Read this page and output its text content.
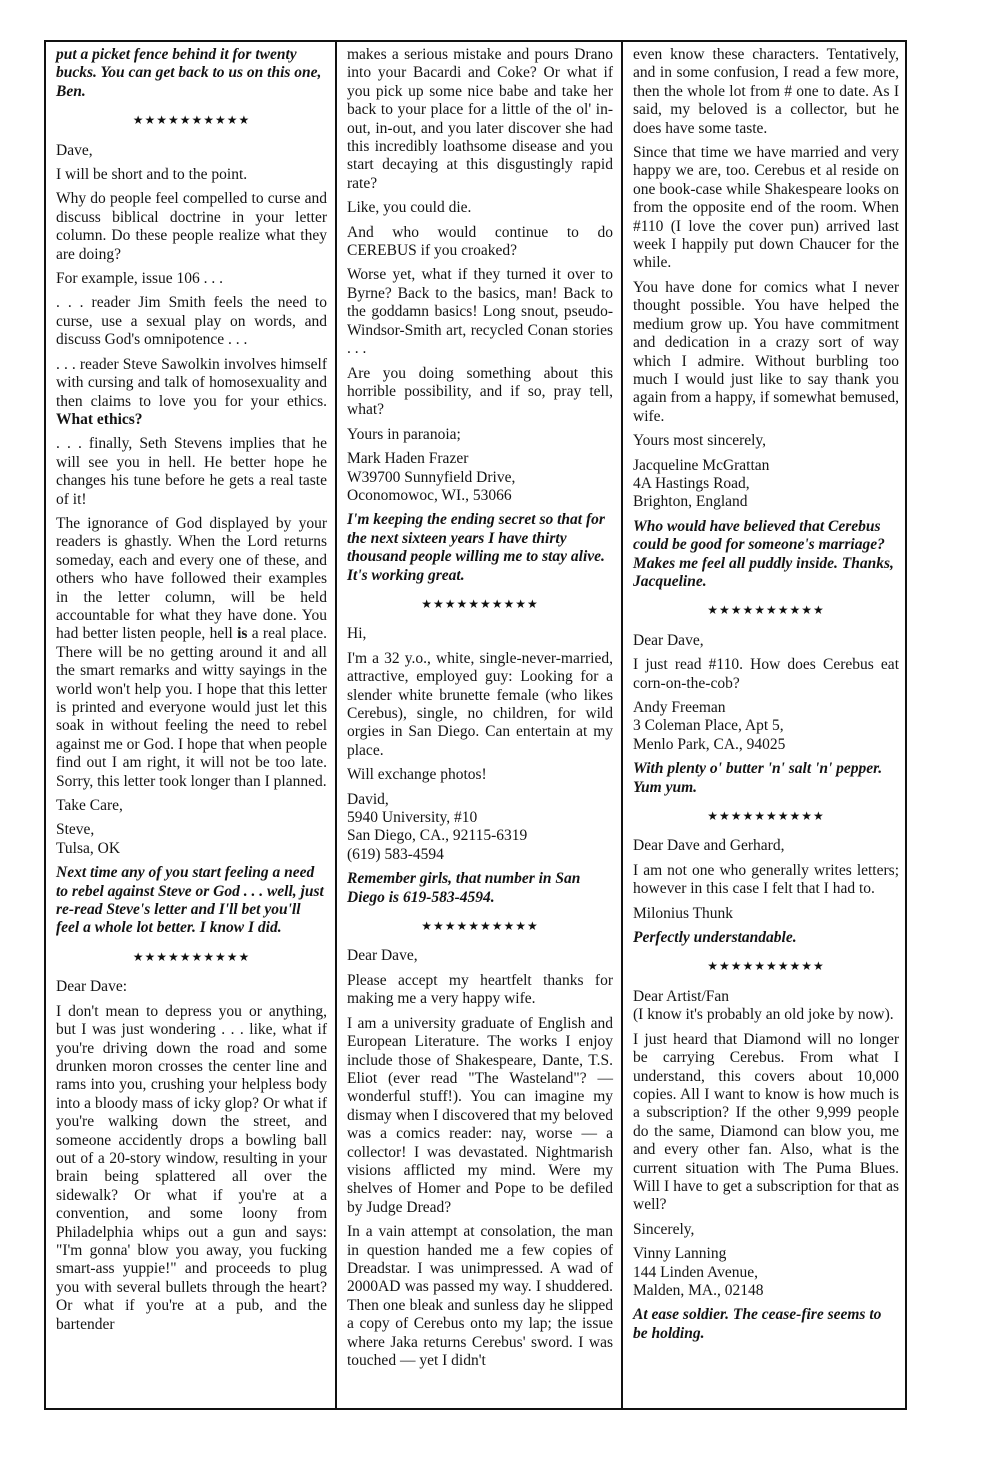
put a picket fence behind it for twenty bucks. You can get back to us on this one, Ben.

★★★★★★★★★★

Dave,

I will be short and to the point.

Why do people feel compelled to curse and discuss biblical doctrine in your letter column. Do these people realize what they are doing?

For example, issue 106 . . .

. . . reader Jim Smith feels the need to curse, use a sexual play on words, and discuss God's omnipotence . . .

. . . reader Steve Sawolkin involves himself with cursing and talk of homosexuality and then claims to love you for your ethics. What ethics?

. . . finally, Seth Stevens implies that he will see you in hell. He better hope he changes his tune before he gets a real taste of it!

The ignorance of God displayed by your readers is ghastly. When the Lord returns someday, each and every one of these, and others who have followed their examples in the letter column, will be held accountable for what they have done. You had better listen people, hell is a real place. There will be no getting around it and all the smart remarks and witty sayings in the world won't help you. I hope that this letter is printed and everyone would just let this soak in without feeling the need to rebel against me or God. I hope that when people find out I am right, it will not be too late. Sorry, this letter took longer than I planned.

Take Care,

Steve,

Tulsa, OK

Next time any of you start feeling a need to rebel against Steve or God . . . well, just re-read Steve's letter and I'll bet you'll feel a whole lot better. I know I did.

★★★★★★★★★★

Dear Dave:

I don't mean to depress you or anything, but I was just wondering . . . like, what if you're driving down the road and some drunken moron crosses the center line and rams into you, crushing your helpless body into a bloody mass of icky glop? Or what if you're walking down the street, and someone accidently drops a bowling ball out of a 20-story window, resulting in your brain being splattered all over the sidewalk? Or what if you're at a convention, and some loony from Philadelphia whips out a gun and says: "I'm gonna' blow you away, you fucking smart-ass yuppie!" and proceeds to plug you with several bullets through the heart? Or what if you're at a pub, and the bartender

makes a serious mistake and pours Drano into your Bacardi and Coke? Or what if you pick up some nice babe and take her back to your place for a little of the ol' in-out, in-out, and you later discover she had this incredibly loathsome disease and you start decaying at this disgustingly rapid rate?

Like, you could die.

And who would continue to do CEREBUS if you croaked?

Worse yet, what if they turned it over to Byrne? Back to the basics, man! Back to the goddamn basics! Long snout, pseudo-Windsor-Smith art, recycled Conan stories . . .

Are you doing something about this horrible possibility, and if so, pray tell, what?

Yours in paranoia;

Mark Haden Frazer

W39700 Sunnyfield Drive,

Oconomowoc, WI., 53066

I'm keeping the ending secret so that for the next sixteen years I have thirty thousand people willing me to stay alive. It's working great.

★★★★★★★★★★

Hi,

I'm a 32 y.o., white, single-never-married, attractive, employed guy: Looking for a slender white brunette female (who likes Cerebus), single, no children, for wild orgies in San Diego. Can entertain at my place.

Will exchange photos!

David,

5940 University, #10

San Diego, CA., 92115-6319

(619) 583-4594

Remember girls, that number in San Diego is 619-583-4594.

★★★★★★★★★★

Dear Dave,

Please accept my heartfelt thanks for making me a very happy wife.

I am a university graduate of English and European Literature. The works I enjoy include those of Shakespeare, Dante, T.S. Eliot (ever read "The Wasteland"? — wonderful stuff!). You can imagine my dismay when I discovered that my beloved was a comics reader: nay, worse — a collector! I was devastated. Nightmarish visions afflicted my mind. Were my shelves of Homer and Pope to be defiled by Judge Dread?

In a vain attempt at consolation, the man in question handed me a few copies of Dreadstar. I was unimpressed. A wad of 2000AD was passed my way. I shuddered. Then one bleak and sunless day he slipped a copy of Cerebus onto my lap; the issue where Jaka returns Cerebus' sword. I was touched — yet I didn't

even know these characters. Tentatively, and in some confusion, I read a few more, then the whole lot from # one to date. As I said, my beloved is a collector, but he does have some taste.

Since that time we have married and very happy we are, too. Cerebus et al reside on one book-case while Shakespeare looks on from the opposite end of the room. When #110 (I love the cover pun) arrived last week I happily put down Chaucer for the while.

You have done for comics what I never thought possible. You have helped the medium grow up. You have commitment and dedication in a crazy sort of way which I admire. Without burbling too much I would just like to say thank you again from a happy, if somewhat bemused, wife.

Yours most sincerely,

Jacqueline McGrattan

4A Hastings Road,

Brighton, England

Who would have believed that Cerebus could be good for someone's marriage? Makes me feel all puddly inside. Thanks, Jacqueline.

★★★★★★★★★★

Dear Dave,

I just read #110. How does Cerebus eat corn-on-the-cob?

Andy Freeman

3 Coleman Place, Apt 5,

Menlo Park, CA., 94025

With plenty o' butter 'n' salt 'n' pepper. Yum yum.

★★★★★★★★★★

Dear Dave and Gerhard,

I am not one who generally writes letters; however in this case I felt that I had to.

Milonius Thunk

Perfectly understandable.

★★★★★★★★★★

Dear Artist/Fan

(I know it's probably an old joke by now).

I just heard that Diamond will no longer be carrying Cerebus. From what I understand, this covers about 10,000 copies. All I want to know is how much is a subscription? If the other 9,999 people do the same, Diamond can blow you, me and every other fan. Also, what is the current situation with The Puma Blues. Will I have to get a subscription for that as well?

Sincerely,

Vinny Lanning

144 Linden Avenue,

Malden, MA., 02148

At ease soldier. The cease-fire seems to be holding.
